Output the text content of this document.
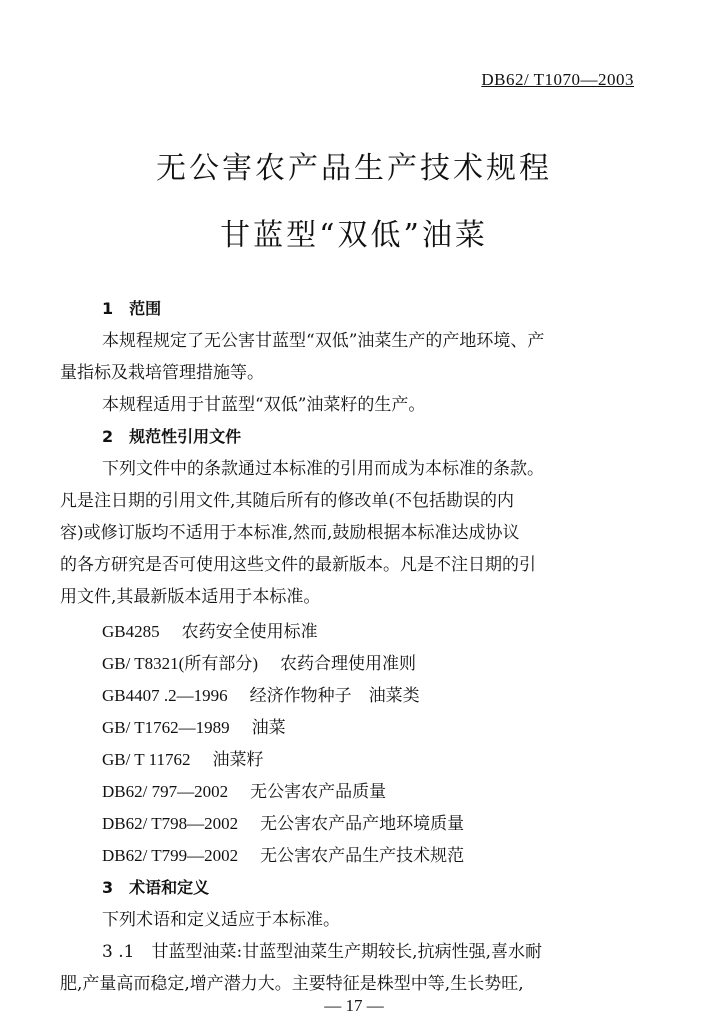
DB62/ T1070—2003
无公害农产品生产技术规程
甘蓝型“双低”油菜
1　范围
本规程规定了无公害甘蓝型“双低”油菜生产的产地环境、产
量指标及栽培管理措施等。
本规程适用于甘蓝型“双低”油菜籽的生产。
2　规范性引用文件
下列文件中的条款通过本标准的引用而成为本标准的条款。
凡是注日期的引用文件,其随后所有的修改单(不包括勘误的内
容)或修订版均不适用于本标准,然而,鼓励根据本标准达成协议
的各方研究是否可使用这些文件的最新版本。凡是不注日期的引
用文件,其最新版本适用于本标准。
GB4285 农药安全使用标准
GB/ T8321(所有部分) 农药合理使用准则
GB4407 .2—1996 经济作物种子　油菜类
GB/ T1762—1989 油菜
GB/ T 11762 油菜籽
DB62/ 797—2002 无公害农产品质量
DB62/ T798—2002 无公害农产品产地环境质量
DB62/ T799—2002 无公害农产品生产技术规范
3　术语和定义
下列术语和定义适应于本标准。
3 .1　甘蓝型油菜:甘蓝型油菜生产期较长,抗病性强,喜水耐
肥,产量高而稳定,增产潜力大。主要特征是株型中等,生长势旺,
— 17 —
